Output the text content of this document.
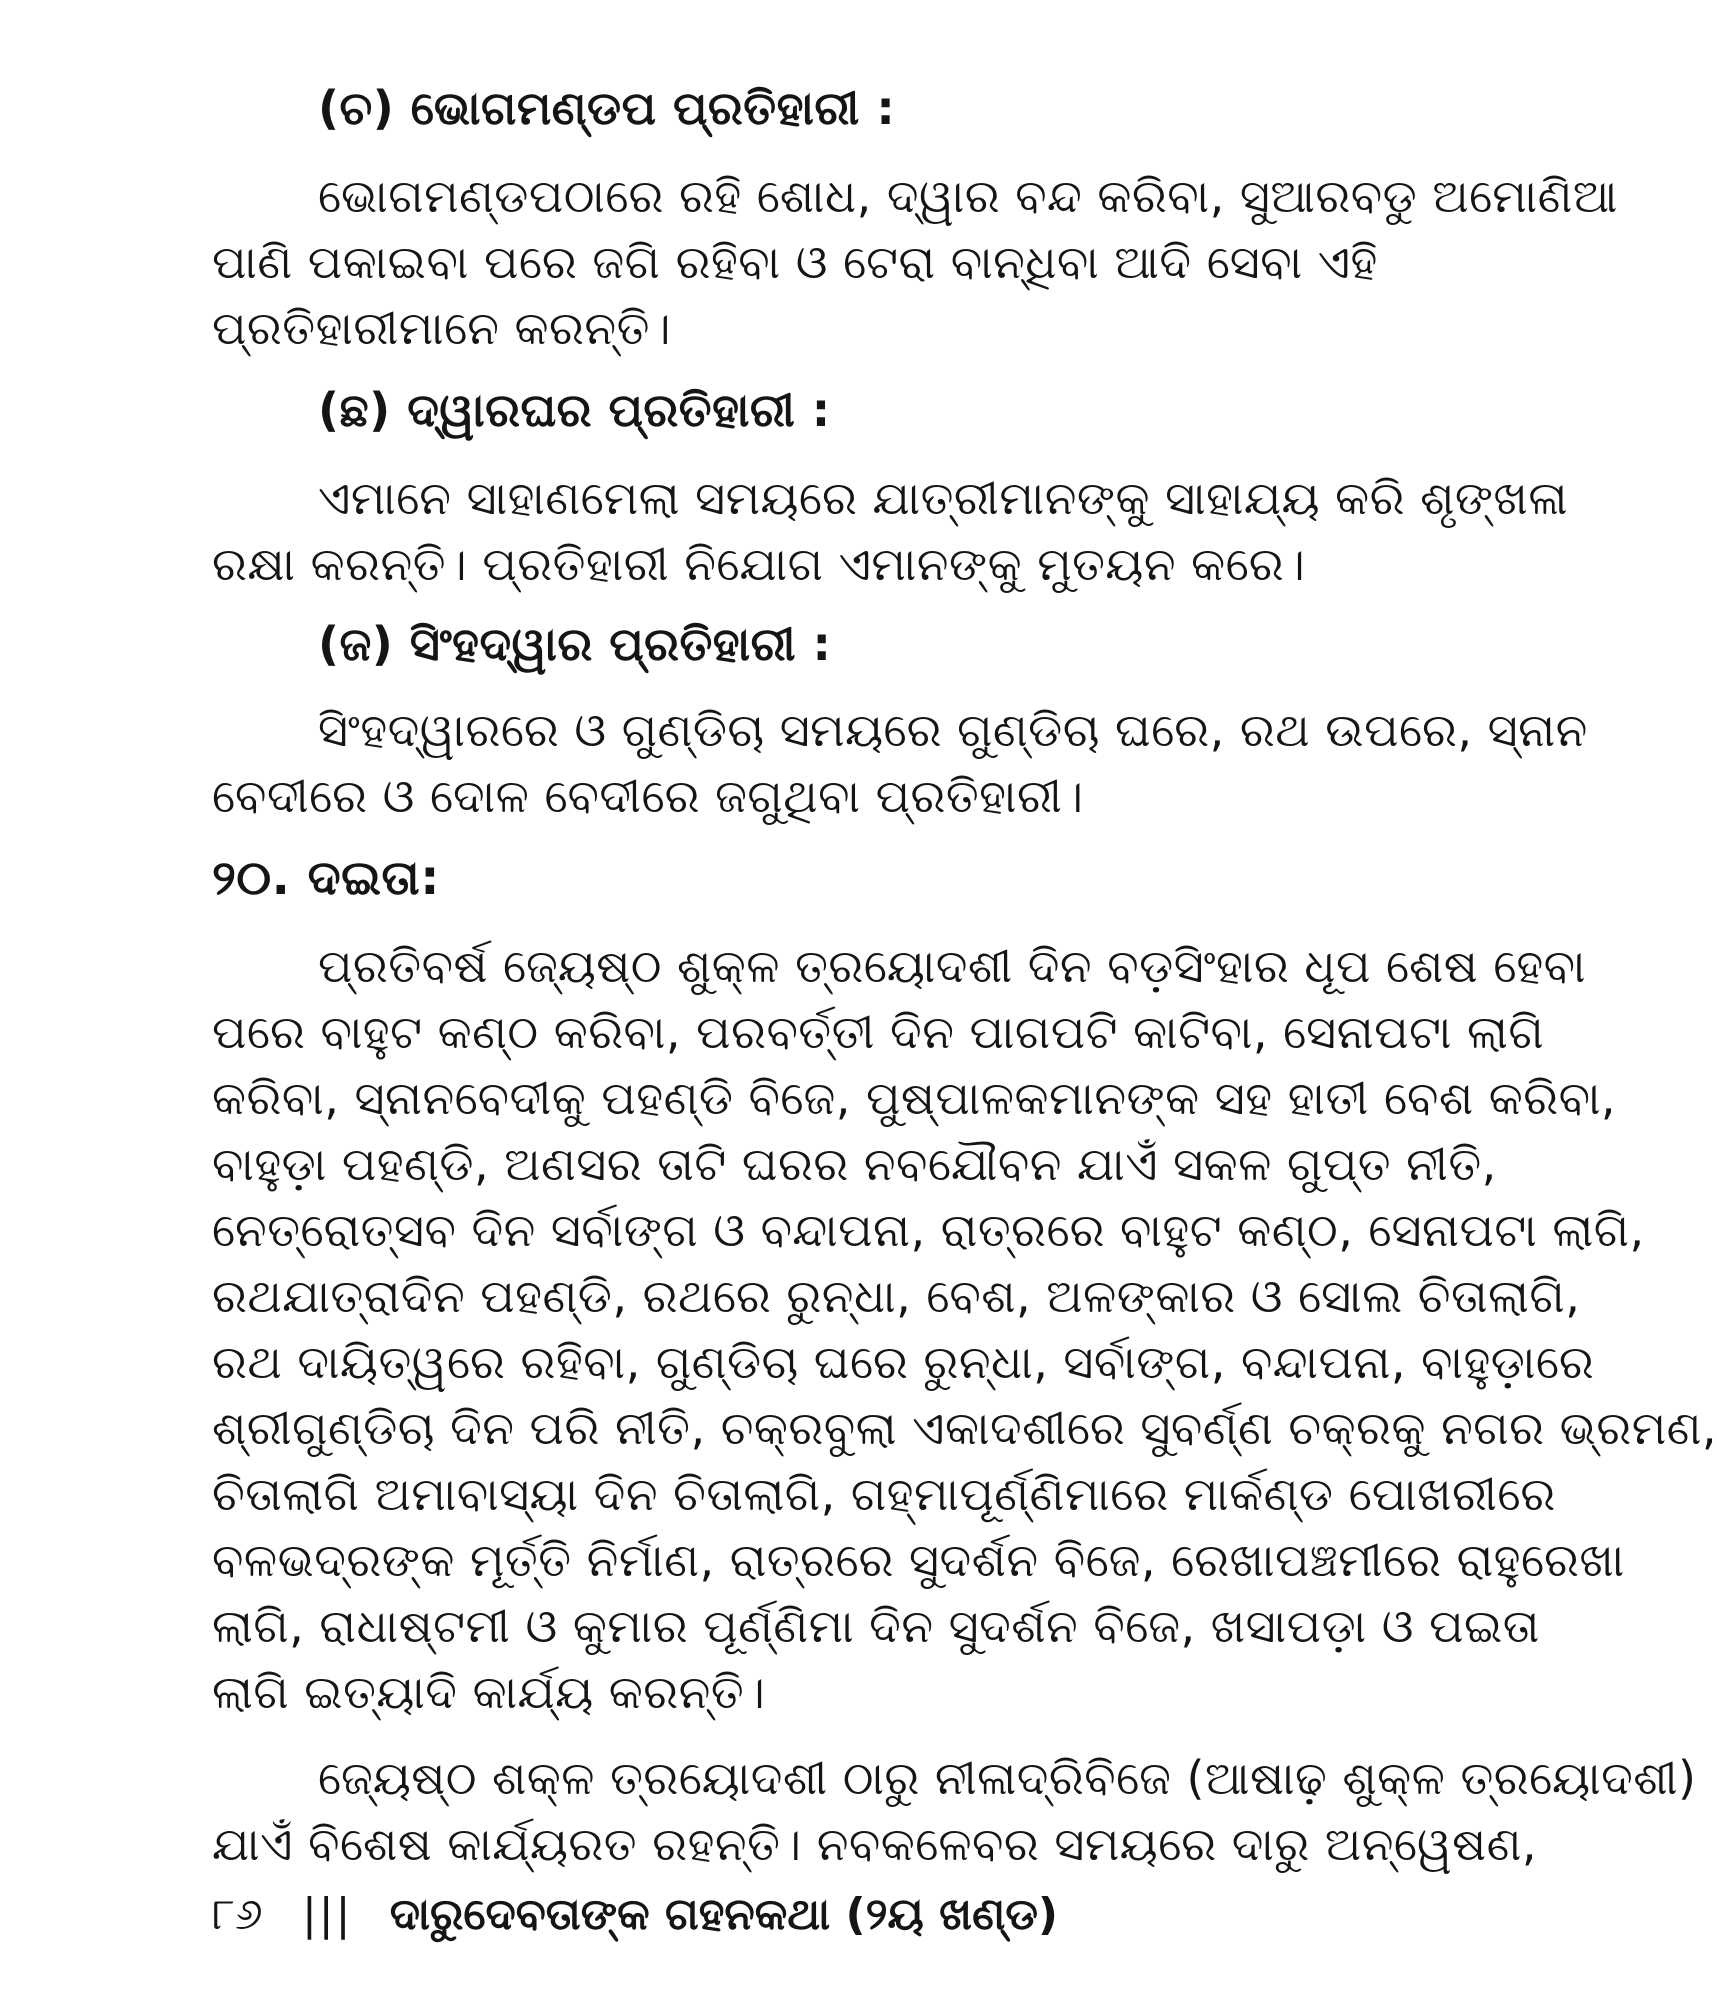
(ଚ) ଭୋଗମଣ୍ଡପ ପ୍ରତିହାରୀ :
ଭୋଗମଣ୍ଡପଠାରେ ରହି ଶୋଧ, ଦ୍ୱାର ବନ୍ଦ କରିବା, ସୁଆରବଡୁ ଅମୋଣିଆ
ପାଣି ପକାଇବା ପରେ ଜଗି ରହିବା ଓ ଟେରା ବାନ୍ଧିବା ଆଦି ସେବା ଏହି
ପ୍ରତିହାରୀମାନେ କରନ୍ତି।
(ଛ) ଦ୍ୱାରଘର ପ୍ରତିହାରୀ :
ଏମାନେ ସାହାଣମେଲା ସମୟରେ ଯାତ୍ରୀମାନଙ୍କୁ ସାହାଯ୍ୟ କରି ଶୃଙ୍ଖଳା
ରକ୍ଷା କରନ୍ତି। ପ୍ରତିହାରୀ ନିଯୋଗ ଏମାନଙ୍କୁ ମୁତୟନ କରେ।
(ଜ) ସିଂହଦ୍ୱାର ପ୍ରତିହାରୀ :
ସିଂହଦ୍ୱାରରେ ଓ ଗୁଣ୍ଡିଚା ସମୟରେ ଗୁଣ୍ଡିଚା ଘରେ, ରଥ ଉପରେ, ସ୍ନାନ
ବେଦୀରେ ଓ ଦୋଳ ବେଦୀରେ ଜଗୁଥିବା ପ୍ରତିହାରୀ।
୨୦. ଦଇତା:
ପ୍ରତିବର୍ଷ ଜ୍ୟେଷ୍ଠ ଶୁକ୍ଳ ତ୍ରୟୋଦଶୀ ଦିନ ବଡ଼ସିଂହାର ଧୂପ ଶେଷ ହେବା
ପରେ ବାହୁଟ କଣ୍ଠ କରିବା, ପରବର୍ତ୍ତୀ ଦିନ ପାଗପଟି କାଟିବା, ସେନାପଟା ଲାଗି
କରିବା, ସ୍ନାନବେଦୀକୁ ପହଣ୍ଡି ବିଜେ, ପୁଷ୍ପାଳକମାନଙ୍କ ସହ ହାତୀ ବେଶ କରିବା,
ବାହୁଡ଼ା ପହଣ୍ଡି, ଅଣସର ତାଟି ଘରର ନବଯୌବନ ଯାଏଁ ସକଳ ଗୁପ୍ତ ନୀତି,
ନେତ୍ରୋତ୍ସବ ଦିନ ସର୍ବାଙ୍ଗ ଓ ବନ୍ଦାପନା, ରାତ୍ରରେ ବାହୁଟ କଣ୍ଠ, ସେନାପଟା ଲାଗି,
ରଥଯାତ୍ରାଦିନ ପହଣ୍ଡି, ରଥରେ ରୁନ୍ଧା, ବେଶ, ଅଳଙ୍କାର ଓ ସୋଲ ଚିତାଲାଗି,
ରଥ ଦାୟିତ୍ୱରେ ରହିବା, ଗୁଣ୍ଡିଚା ଘରେ ରୁନ୍ଧା, ସର୍ବାଙ୍ଗ, ବନ୍ଦାପନା, ବାହୁଡ଼ାରେ
ଶ୍ରୀଗୁଣ୍ଡିଚା ଦିନ ପରି ନୀତି, ଚକ୍ରବୁଲା ଏକାଦଶୀରେ ସୁବର୍ଣ୍ଣ ଚକ୍ରକୁ ନଗର ଭ୍ରମଣ,
ଚିତାଲାଗି ଅମାବାସ୍ୟା ଦିନ ଚିତାଲାଗି, ଗହ୍ମାପୂର୍ଣ୍ଣିମାରେ ମାର୍କଣ୍ଡ ପୋଖରୀରେ
ବଳଭଦ୍ରଙ୍କ ମୂର୍ତ୍ତି ନିର୍ମାଣ, ରାତ୍ରରେ ସୁଦର୍ଶନ ବିଜେ, ରେଖାପଞ୍ଚମୀରେ ରାହୁରେଖା
ଲାଗି, ରାଧାଷ୍ଟମୀ ଓ କୁମାର ପୂର୍ଣ୍ଣିମା ଦିନ ସୁଦର୍ଶନ ବିଜେ, ଖସାପଡ଼ା ଓ ପଇତା
ଲାଗି ଇତ୍ୟାଦି କାର୍ଯ୍ୟ କରନ୍ତି।
ଜ୍ୟେଷ୍ଠ ଶକ୍ଳ ତ୍ରୟୋଦଶୀ ଠାରୁ ନୀଳାଦ୍ରିବିଜେ (ଆଷାଢ଼ ଶୁକ୍ଳ ତ୍ରୟୋଦଶୀ)
ଯାଏଁ ବିଶେଷ କାର୍ଯ୍ୟରତ ରହନ୍ତି। ନବକଳେବର ସମୟରେ ଦାରୁ ଅନ୍ୱେଷଣ,
୮୬ ||| ଦାରୁଦେବତାଙ୍କ ଗହନକଥା (୨ୟ ଖଣ୍ଡ)
